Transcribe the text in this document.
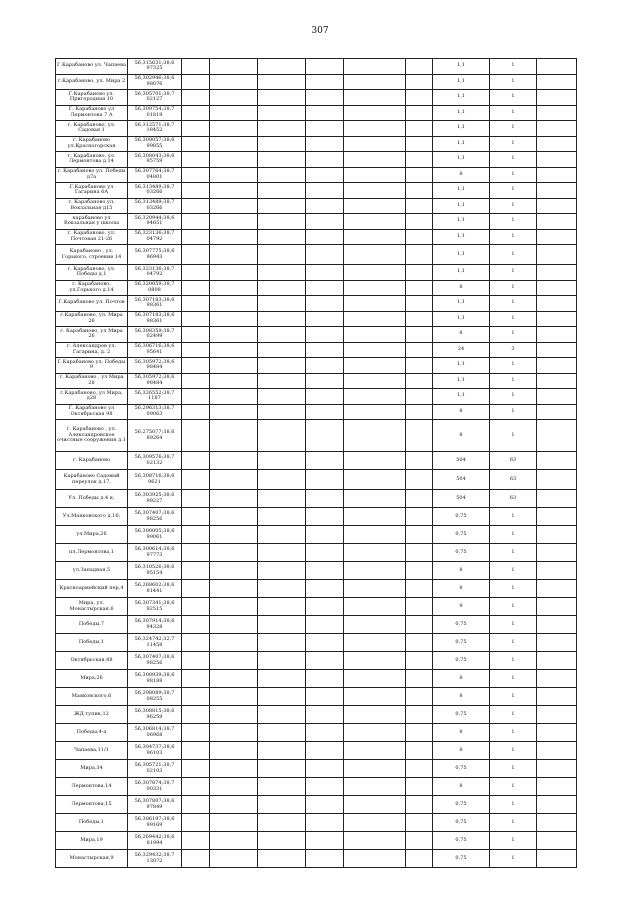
307
Г.Карабаново ул. Чапаева	56,315631;38,6 97325							1,1	1	
г.Карабаново, ул. Мира 2	56,302946;38,6 98076							1,1	1	
Г.Карабаново ул. Пригородная 10	56,305701;38,7 02127							1,1	1	
Г. Карабаново ул Лермонтова 7 А	56,309754;38,7 01819							1,1	1	
г. Карабаново, ул. Садовая 1	56,312571;38,7 18452							1,1	1	
г. Карабаново ул.Красногорская	56,309057;38,6 99855							1,1	1	
г. Карабаново, ул. Лермонтова д.14	56,308043;38,6 95759							1,1	1	
г. Карабаново ул. Победы д7а	56,307764;38,7 04801							8	1	
Г.Карабаново ул Гагарина 6А	56,313489;38,7 03266							1,1	1	
г. Карабаново ул. Вокзальная д15	56,313489;38,7 03266							1,1	1	
карабаново ул Вокзальная у школы	56,320944;38,6 94651							1,1	1	
г. Карабаново, ул. Почтовая 21-26	56,323136;38,7 04792							1,1	1	
Карабаново , ул. Горького, строение 14	56,307775;38,6 96943							1,1	1	
г. Карабаново, ул. Победы д.1	56,323136;38,7 04792							1,1	1	
г. Карабаново, ул.Горького д.14	56,320059;38,7 0808							8	1	
Г.Карабаново ул. Почтов	56,307183;38,6 98361							1,1	1	
г.Карабаново, ул. Мира 26	56,307183;38,6 98361							1,1	1	
г. Карабаново, ул Мира 26	56,308359;38,7 02499							8	1	
г. Александров ул. Гагарина, д. 2	56,306716;38,6 95641							24	3	
Г.Карабаново ул. Победы 9	56,305972;38,6 98484							1,1	1	
г. Карабаново , ул Мира 28	56,305972;38,6 98484							1,1	1	
г.Карабаново, ул Мира, д28	56,326552;38,7 1187							1,1	1	
Г. Карабаново ул Октябрьская 98	56,296313;38,7 09063							8	1	
г. Карабаново , ул. Александровское очистные сооружения д.1	56,275077;38,6 89264							8	1	
г. Карабаново	56,309576;38,7 02132							504	63	
Карабаново Садовый переулок д.17,	56,308716;38,6 9621							504	63	
Ул. Победы д.4 к;	56,303925;38,6 99227							504	63	
Ул.Маяковского д.16;	56,307407;38.6 98256							0,75	1	
ул.Мира,26	56,300005;38,6 99061							0,75	1	
пл.Лермонтова,1	56,300614;38,6 97773							0,75	1	
ул.Западная,5	56,310526;38,6 95154							8	1	
Красноармейский пер,4	56,268602;38,6 81441							8	1	
Мира, ул. Монастырская,6	56,307341;38,6 92515							9	1	
Победы,7	56,307914;38,6 94328							0,75	1	
Победы,1	56,324742;32,7 11458							0,75	1	
Октябрьская,48	56,307407;38,6 98256							0,75	1	
Мира,26	56,300939;38,6 98188							8	1	
Маяковского,6	56,298089;38,7 08255							8	1	
ЖД тупик,12	56,308815;38,6 96259							0,75	1	
Победы,4-а	56,306814;38,7 06968							8	1	
Чапаева,11/1	56,304737;38,6 96103							8	1	
Мира,34	56,305721;38,7 02103							0,75	1	
Лермонтова,14	56,307874;38,7 00331							8	1	
Лермонтова,15	56,307807;38,6 97849							0,75	1	
Победы,1	56,306197;38,6 99169							0,75	1	
Мира,19	56,269442;38,6 81994							0,75	1	
Монастырская,9	56,329432;38,7 13072							0,75	1	
